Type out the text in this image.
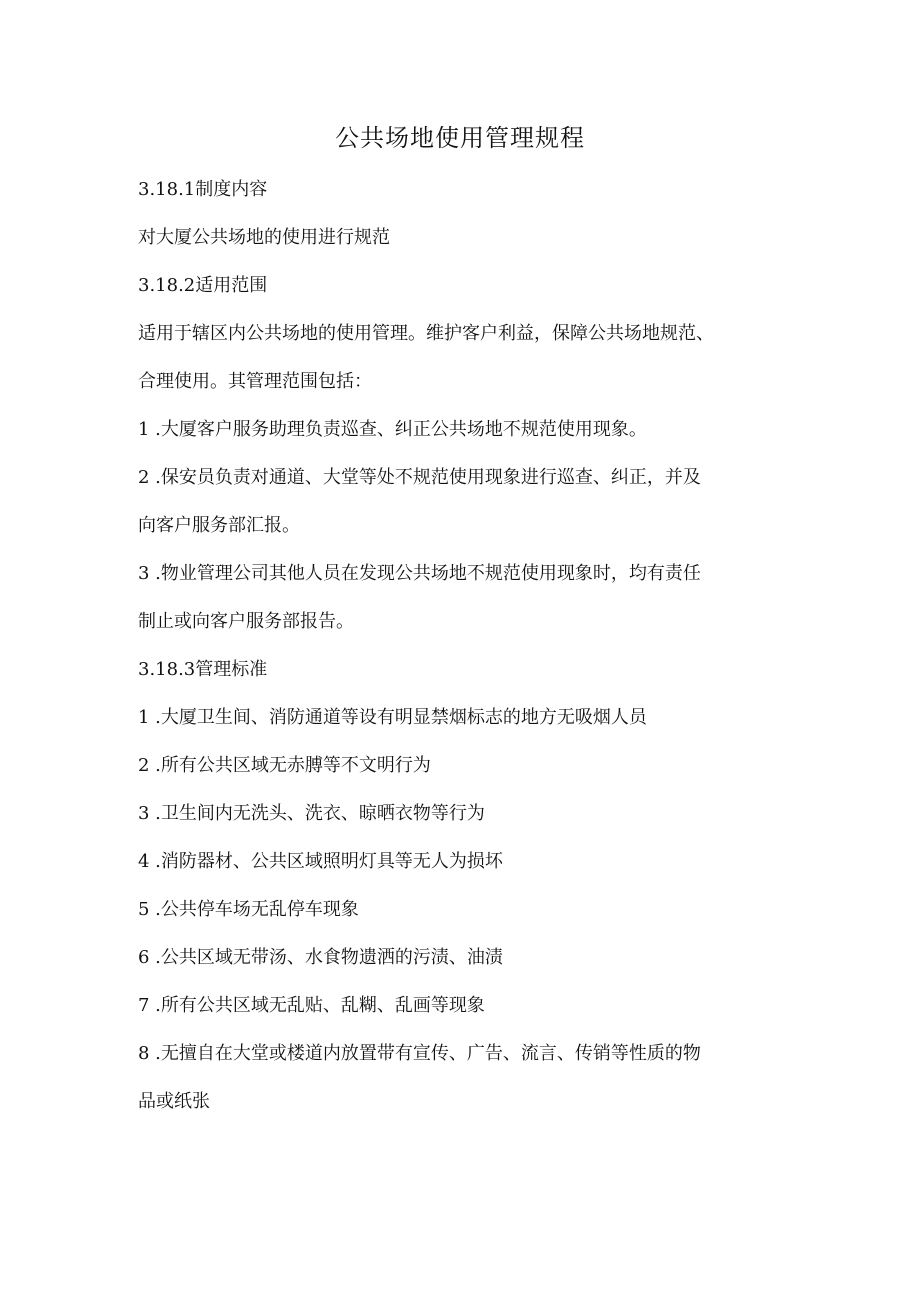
公共场地使用管理规程

3.18.1制度内容

对大厦公共场地的使用进行规范

3.18.2适用范围

适用于辖区内公共场地的使用管理。维护客户利益，保障公共场地规范、

合理使用。其管理范围包括：

1 .大厦客户服务助理负责巡查、纠正公共场地不规范使用现象。

2 .保安员负责对通道、大堂等处不规范使用现象进行巡查、纠正，并及

向客户服务部汇报。

3 .物业管理公司其他人员在发现公共场地不规范使用现象时，均有责任

制止或向客户服务部报告。

3.18.3管理标准

1 .大厦卫生间、消防通道等设有明显禁烟标志的地方无吸烟人员

2 .所有公共区域无赤膊等不文明行为

3 .卫生间内无洗头、洗衣、晾晒衣物等行为

4 .消防器材、公共区域照明灯具等无人为损坏

5 .公共停车场无乱停车现象

6 .公共区域无带汤、水食物遗洒的污渍、油渍

7 .所有公共区域无乱贴、乱糊、乱画等现象

8 .无擅自在大堂或楼道内放置带有宣传、广告、流言、传销等性质的物

品或纸张
